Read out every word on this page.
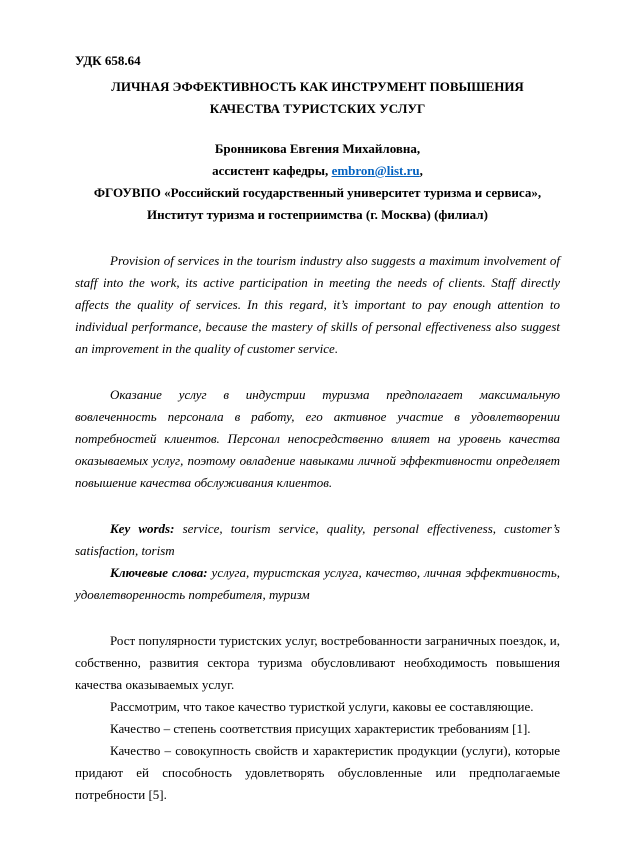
УДК 658.64

ЛИЧНАЯ ЭФФЕКТИВНОСТЬ КАК ИНСТРУМЕНТ ПОВЫШЕНИЯ КАЧЕСТВА ТУРИСТСКИХ УСЛУГ

Бронникова Евгения Михайловна,

ассистент кафедры, embron@list.ru,

ФГОУВПО «Российский государственный университет туризма и сервиса»,

Институт туризма и гостеприимства (г. Москва) (филиал)

Provision of services in the tourism industry also suggests a maximum involvement of staff into the work, its active participation in meeting the needs of clients. Staff directly affects the quality of services. In this regard, it’s important to pay enough attention to individual performance, because the mastery of skills of personal effectiveness also suggest an improvement in the quality of customer service.

Оказание услуг в индустрии туризма предполагает максимальную вовлеченность персонала в работу, его активное участие в удовлетворении потребностей клиентов. Персонал непосредственно влияет на уровень качества оказываемых услуг, поэтому овладение навыками личной эффективности определяет повышение качества обслуживания клиентов.

Key words: service, tourism service, quality, personal effectiveness, customer’s satisfaction, torism

Ключевые слова: услуга, туристская услуга, качество, личная эффективность, удовлетворенность потребителя, туризм

Рост популярности туристских услуг, востребованности заграничных поездок, и, собственно, развития сектора туризма обусловливают необходимость повышения качества оказываемых услуг.

Рассмотрим, что такое качество туристкой услуги, каковы ее составляющие.

Качество – степень соответствия присущих характеристик требованиям [1].

Качество – совокупность свойств и характеристик продукции (услуги), которые придают ей способность удовлетворять обусловленные или предполагаемые потребности [5].
